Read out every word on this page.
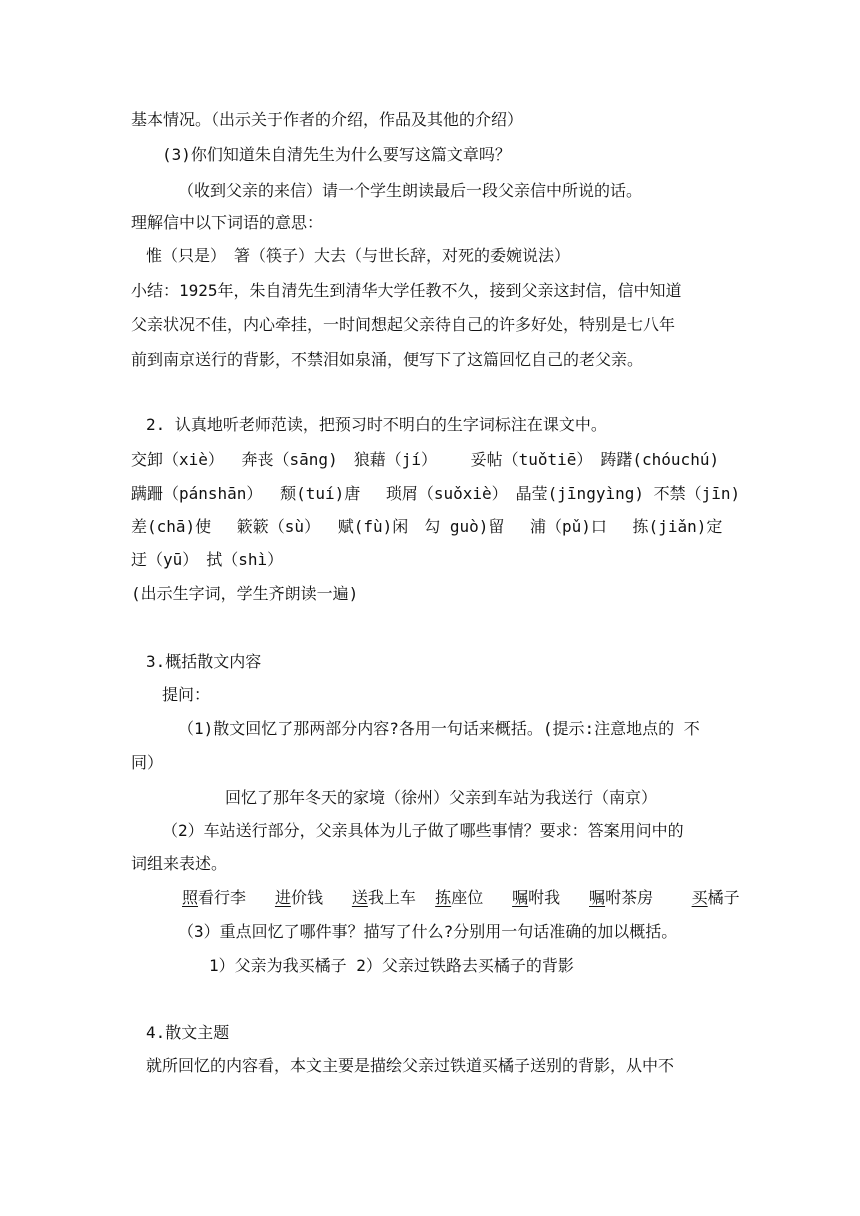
基本情况。（出示关于作者的介绍，作品及其他的介绍）
(3)你们知道朱自清先生为什么要写这篇文章吗？
（收到父亲的来信）请一个学生朗读最后一段父亲信中所说的话。
理解信中以下词语的意思：
惟（只是）　箸（筷子）大去（与世长辞，对死的委婉说法）
小结：1925年，朱自清先生到清华大学任教不久，接到父亲这封信，信中知道
父亲状况不佳，内心牵挂，一时间想起父亲待自己的许多好处，特别是七八年
前到南京送行的背影，不禁泪如泉涌，便写下了这篇回忆自己的老父亲。
2. 认真地听老师范读，把预习时不明白的生字词标注在课文中。
交卸（xiè）　 奔丧（sāng)　狼藉（jí）　　 妥帖（tuǒtiē）　踌躇(chóuchú)
蹒跚（pánshān）　 颓(tuí)唐　 琐屑（suǒxiè）　晶莹(jīngyìng) 不禁（jīn)
差(chā)使　 簌簌（sù）　 赋(fù)闲　勾 guò)留　 浦（pǔ)口　 拣(jiǎn)定
迂（yū）　拭（shì）
(出示生字词，学生齐朗读一遍)
3.概括散文内容
提问：
（1)散文回忆了那两部分内容?各用一句话来概括。(提示:注意地点的 不
同）
回忆了那年冬天的家境（徐州）父亲到车站为我送行（南京）
（2）车站送行部分，父亲具体为儿子做了哪些事情？要求：答案用问中的
词组来表述。
照看行李 进价钱   送我上车 拣座位 嘱咐我 嘱咐茶房 买橘子
（3）重点回忆了哪件事？描写了什么?分别用一句话准确的加以概括。
1）父亲为我买橘子 2）父亲过铁路去买橘子的背影
4.散文主题
就所回忆的内容看，本文主要是描绘父亲过铁道买橘子送别的背影，从中不
